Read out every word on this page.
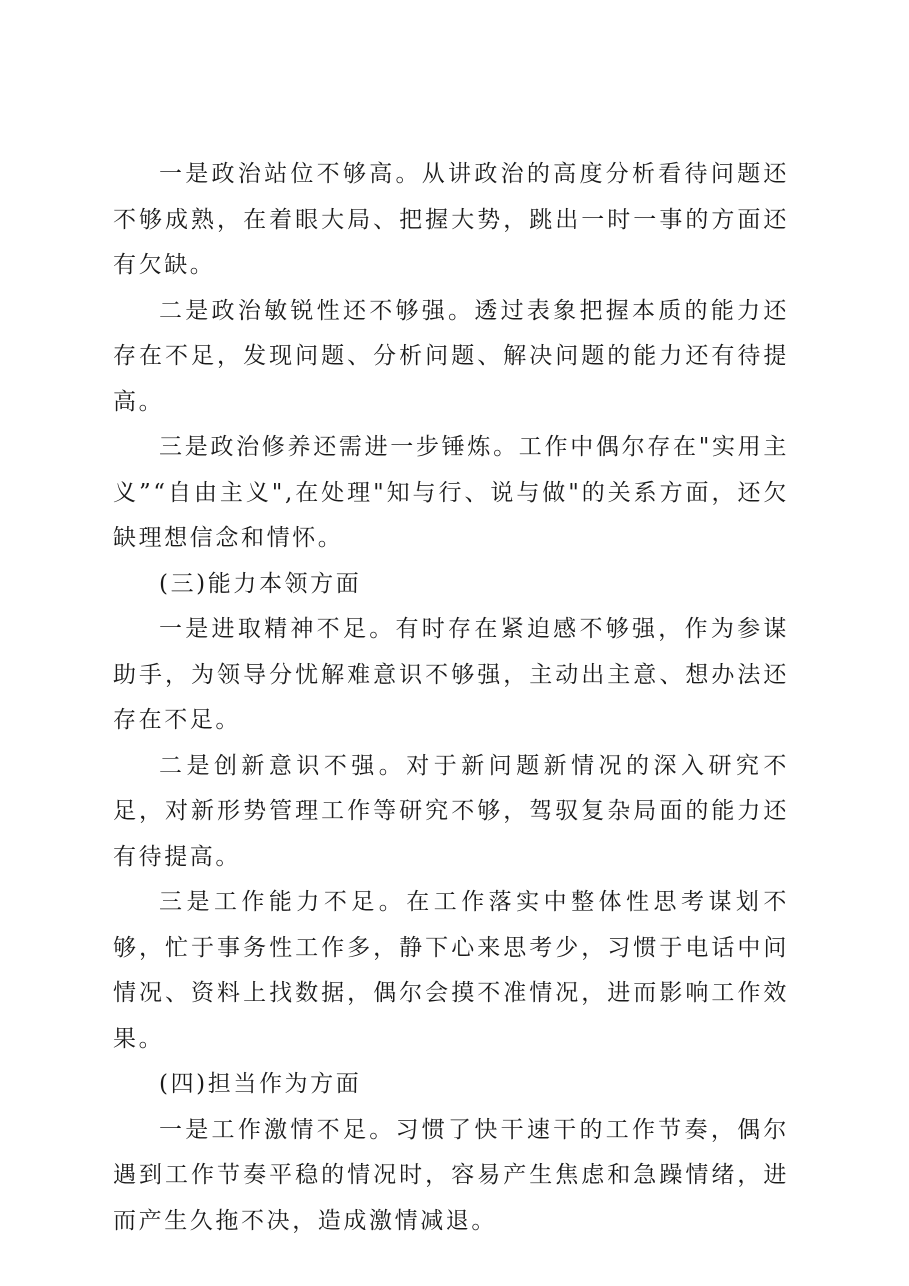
一是政治站位不够高。从讲政治的高度分析看待问题还不够成熟，在着眼大局、把握大势，跳出一时一事的方面还有欠缺。

二是政治敏锐性还不够强。透过表象把握本质的能力还存在不足，发现问题、分析问题、解决问题的能力还有待提高。

三是政治修养还需进一步锤炼。工作中偶尔存在"实用主义”“自由主义",在处理"知与行、说与做"的关系方面，还欠缺理想信念和情怀。

(三)能力本领方面

一是进取精神不足。有时存在紧迫感不够强，作为参谋助手，为领导分忧解难意识不够强，主动出主意、想办法还存在不足。

二是创新意识不强。对于新问题新情况的深入研究不足，对新形势管理工作等研究不够，驾驭复杂局面的能力还有待提高。

三是工作能力不足。在工作落实中整体性思考谋划不够，忙于事务性工作多，静下心来思考少，习惯于电话中问情况、资料上找数据，偶尔会摸不准情况，进而影响工作效果。

(四)担当作为方面

一是工作激情不足。习惯了快干速干的工作节奏，偶尔遇到工作节奏平稳的情况时，容易产生焦虑和急躁情绪，进而产生久拖不决，造成激情减退。
